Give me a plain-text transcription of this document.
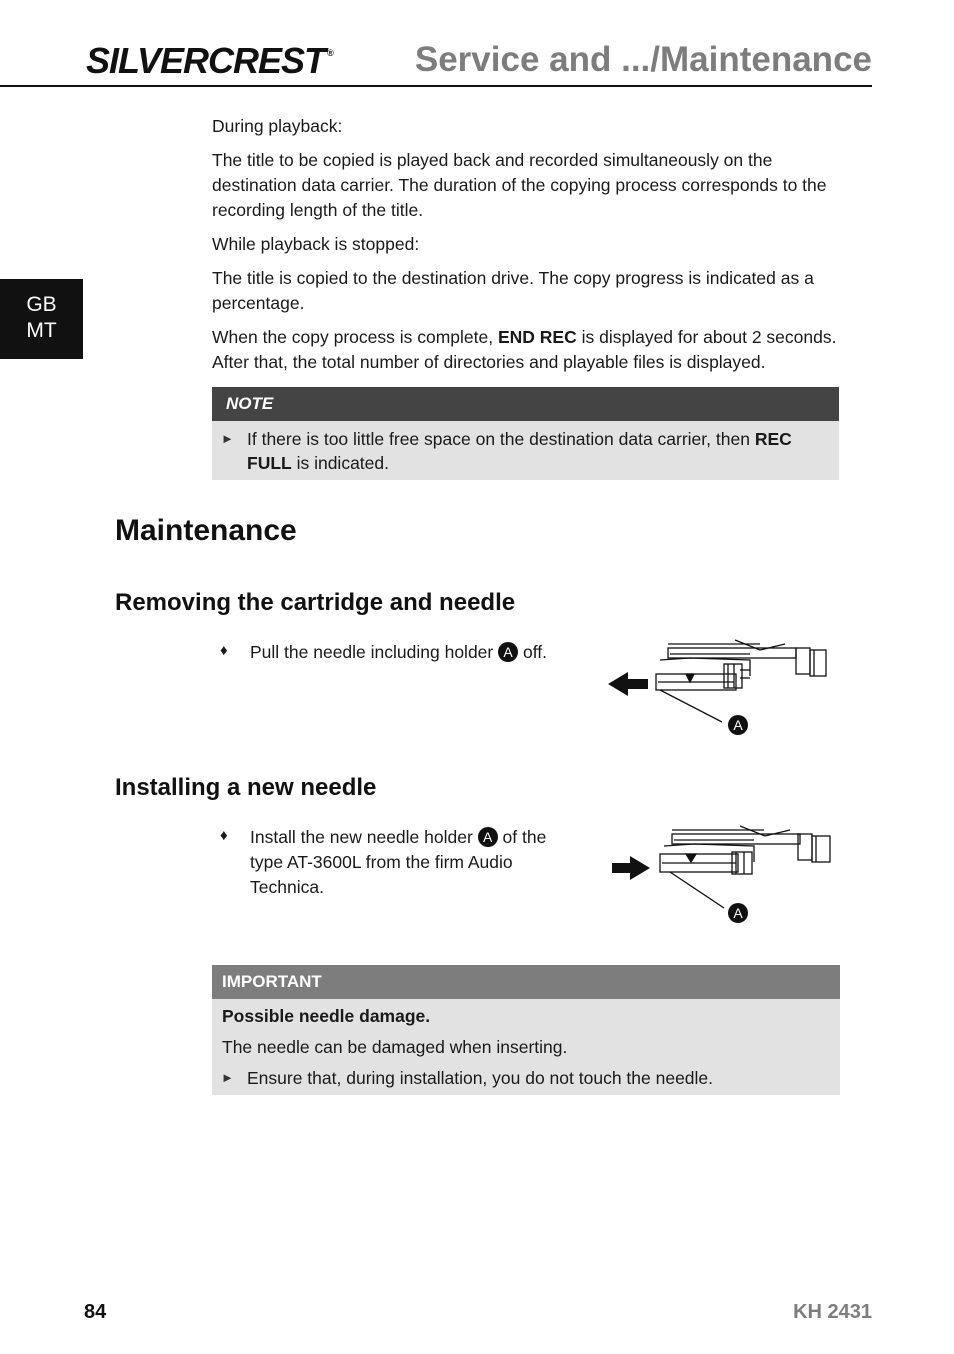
SILVERCREST ® Service and .../Maintenance
GB
MT

During playback:

The title to be copied is played back and recorded simultaneously on the destination data carrier. The duration of the copying process corresponds to the recording length of the title.

While playback is stopped:

The title is copied to the destination drive. The copy progress is indicated as a percentage.

When the copy process is complete, END REC is displayed for about 2 seconds. After that, the total number of directories and playable files is displayed.

NOTE
► If there is too little free space on the destination data carrier, then REC FULL is indicated.
Maintenance
Removing the cartridge and needle
♦ Pull the needle including holder A off.
A
Installing a new needle
♦ Install the new needle holder A of the type AT-3600L from the firm Audio Technica.
A
IMPORTANT
Possible needle damage.
The needle can be damaged when inserting.
► Ensure that, during installation, you do not touch the needle.
84	KH 2431
